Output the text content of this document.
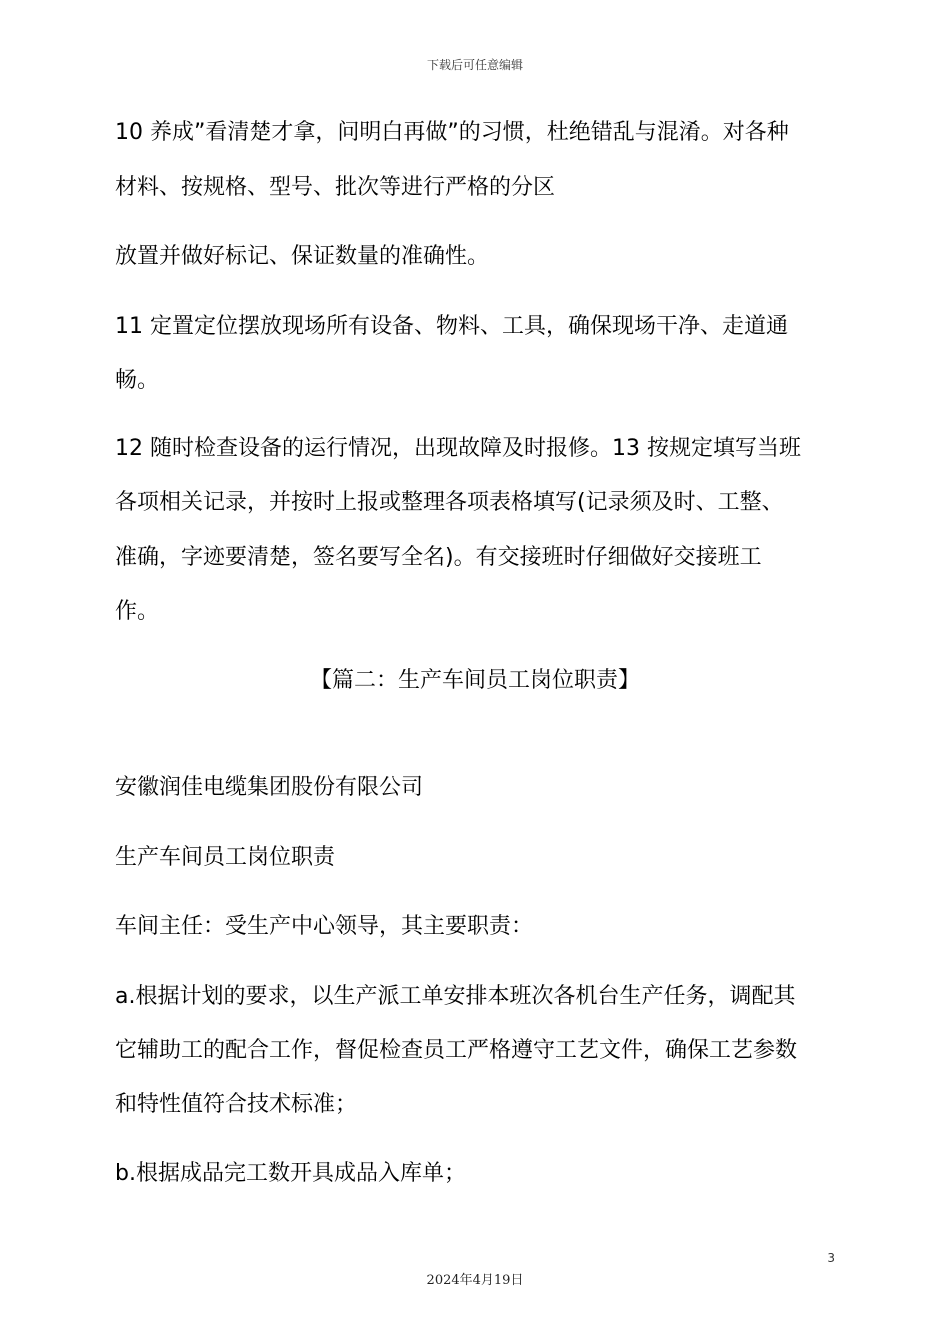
下载后可任意编辑
10 养成”看清楚才拿，问明白再做”的习惯，杜绝错乱与混淆。对各种
材料、按规格、型号、批次等进行严格的分区
放置并做好标记、保证数量的准确性。
11 定置定位摆放现场所有设备、物料、工具，确保现场干净、走道通
畅。
12 随时检查设备的运行情况，出现故障及时报修。13 按规定填写当班
各项相关记录，并按时上报或整理各项表格填写(记录须及时、工整、
准确，字迹要清楚，签名要写全名)。有交接班时仔细做好交接班工
作。
【篇二：生产车间员工岗位职责】
安徽润佳电缆集团股份有限公司
生产车间员工岗位职责
车间主任：受生产中心领导，其主要职责：
a.根据计划的要求，以生产派工单安排本班次各机台生产任务，调配其
它辅助工的配合工作，督促检查员工严格遵守工艺文件，确保工艺参数
和特性值符合技术标准；
b.根据成品完工数开具成品入库单；
3
2024年4月19日
